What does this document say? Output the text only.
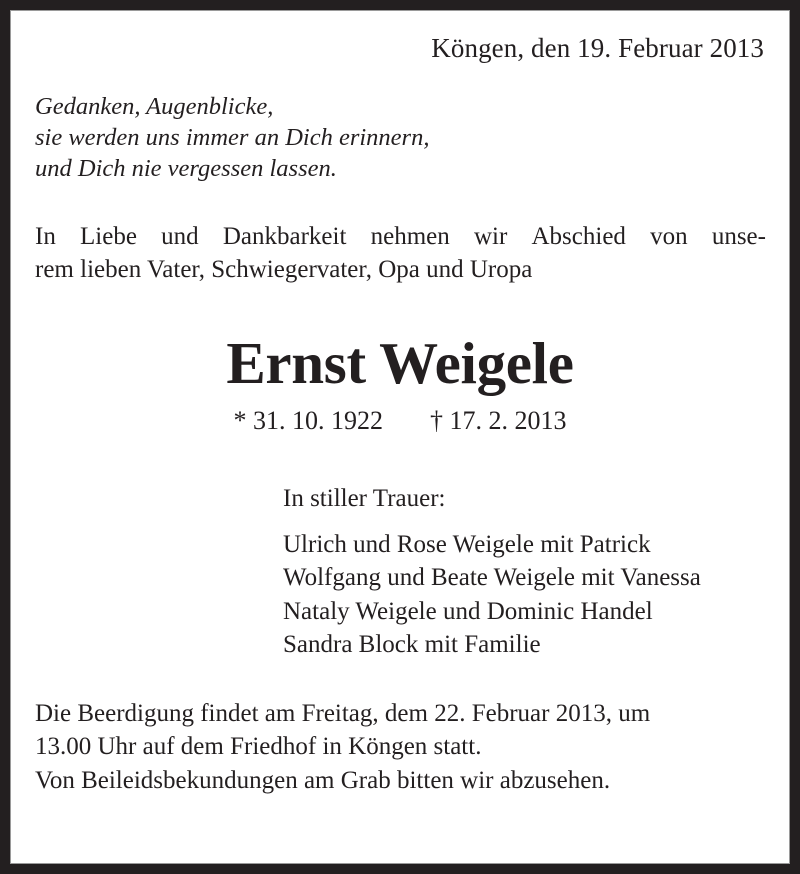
Köngen, den 19. Februar 2013
Gedanken, Augenblicke,
sie werden uns immer an Dich erinnern,
und Dich nie vergessen lassen.
In Liebe und Dankbarkeit nehmen wir Abschied von unse-
rem lieben Vater, Schwiegervater, Opa und Uropa
Ernst Weigele
* 31. 10. 1922 † 17. 2. 2013
In stiller Trauer:
Ulrich und Rose Weigele mit Patrick
Wolfgang und Beate Weigele mit Vanessa
Nataly Weigele und Dominic Handel
Sandra Block mit Familie
Die Beerdigung findet am Freitag, dem 22. Februar 2013, um
13.00 Uhr auf dem Friedhof in Köngen statt.
Von Beileidsbekundungen am Grab bitten wir abzusehen.
